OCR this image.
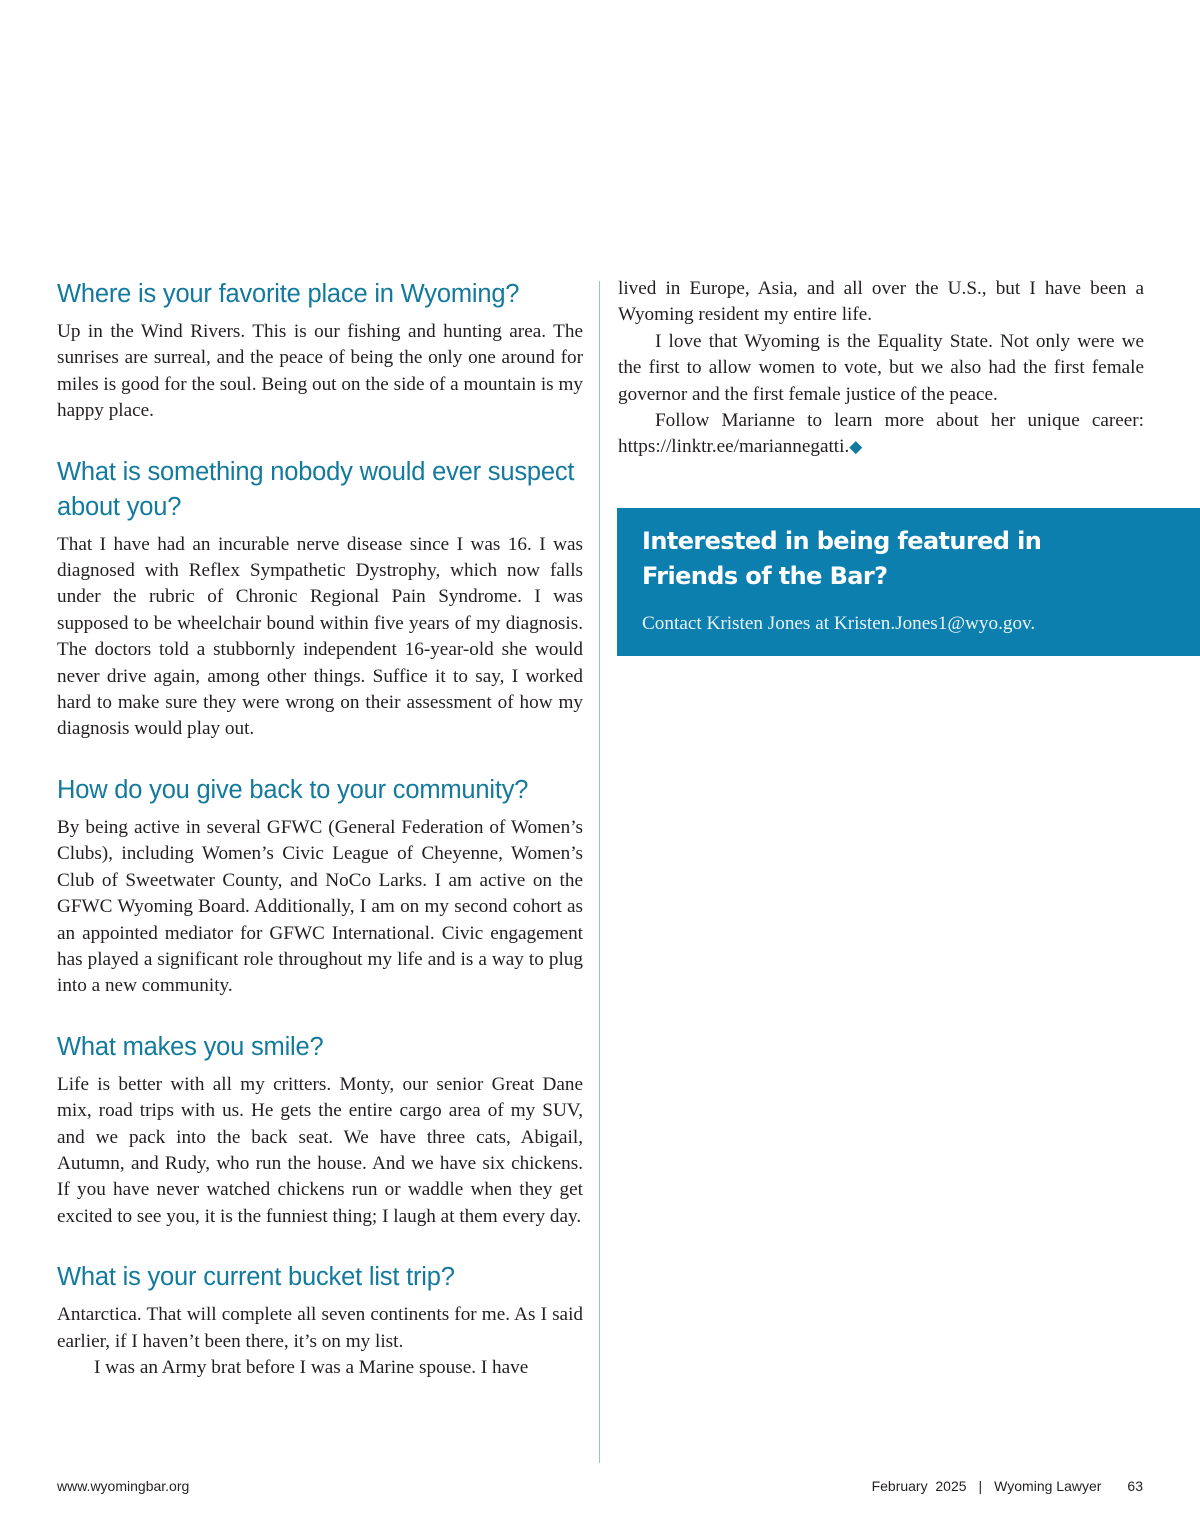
Where is your favorite place in Wyoming?

Up in the Wind Rivers. This is our fishing and hunting area. The sunrises are surreal, and the peace of being the only one around for miles is good for the soul. Being out on the side of a mountain is my happy place.

What is something nobody would ever suspect about you?

That I have had an incurable nerve disease since I was 16. I was diagnosed with Reflex Sympathetic Dystrophy, which now falls under the rubric of Chronic Regional Pain Syndrome. I was supposed to be wheelchair bound within five years of my diagnosis. The doctors told a stubbornly independent 16-year-old she would never drive again, among other things. Suffice it to say, I worked hard to make sure they were wrong on their assessment of how my diagnosis would play out.

How do you give back to your community?

By being active in several GFWC (General Federation of Women’s Clubs), including Women’s Civic League of Cheyenne, Women’s Club of Sweetwater County, and NoCo Larks. I am active on the GFWC Wyoming Board. Additionally, I am on my second cohort as an appointed mediator for GFWC International. Civic engagement has played a significant role throughout my life and is a way to plug into a new community.

What makes you smile?

Life is better with all my critters. Monty, our senior Great Dane mix, road trips with us. He gets the entire cargo area of my SUV, and we pack into the back seat. We have three cats, Abigail, Autumn, and Rudy, who run the house. And we have six chickens. If you have never watched chickens run or waddle when they get excited to see you, it is the funniest thing; I laugh at them every day.

What is your current bucket list trip?

Antarctica. That will complete all seven continents for me. As I said earlier, if I haven’t been there, it’s on my list.

I was an Army brat before I was a Marine spouse. I have

lived in Europe, Asia, and all over the U.S., but I have been a Wyoming resident my entire life.

I love that Wyoming is the Equality State. Not only were we the first to allow women to vote, but we also had the first female governor and the first female justice of the peace.

Follow Marianne to learn more about her unique career: https://linktr.ee/mariannegatti.◆

Interested in being featured in
Friends of the Bar?

Contact Kristen Jones at Kristen.Jones1@wyo.gov.

www.wyomingbar.org	February  2025 | Wyoming Lawyer 63
